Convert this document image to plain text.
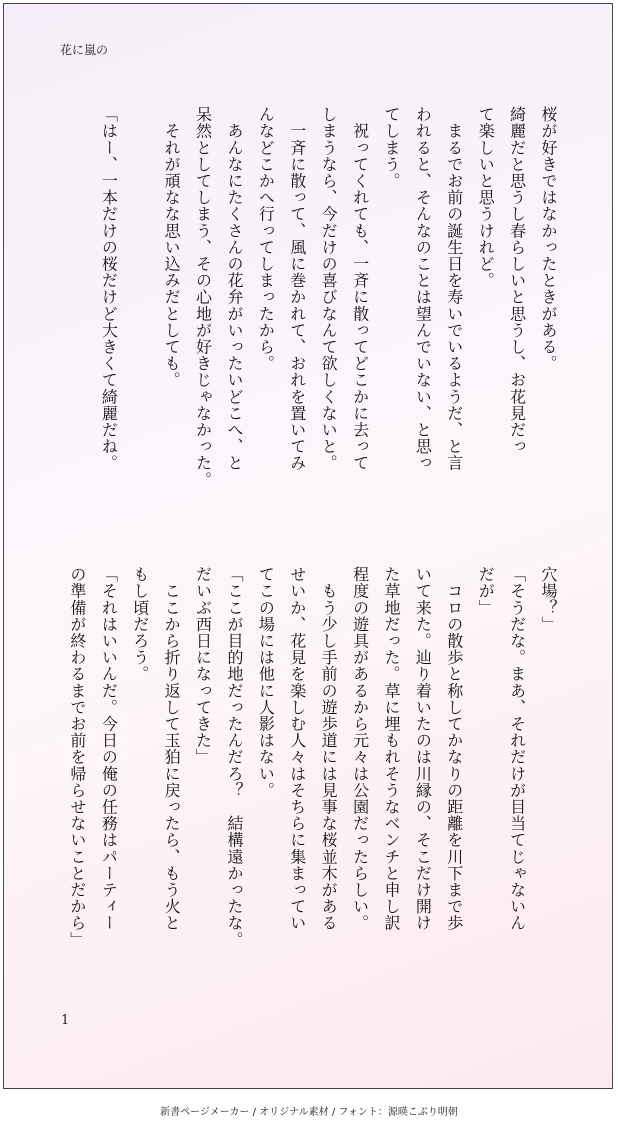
花に嵐の

桜が好きではなかったときがある。

綺麗だと思うし春らしいと思うし、お花見だっ

て楽しいと思うけれど。

　まるでお前の誕生日を寿いでいるようだ、と言

われると、そんなのことは望んでいない、と思っ

てしまう。

　祝ってくれても、一斉に散ってどこかに去って

しまうなら、今だけの喜びなんて欲しくないと。

　一斉に散って、風に巻かれて、おれを置いてみ

んなどこかへ行ってしまったから。

　あんなにたくさんの花弁がいったいどこへ、と

呆然としてしまう、その心地が好きじゃなかった。

　それが頑なな思い込みだとしても。

「はー、一本だけの桜だけど大きくて綺麗だね。

穴場？」

「そうだな。まあ、それだけが目当てじゃないん

だが」

　コロの散歩と称してかなりの距離を川下まで歩

いて来た。辿り着いたのは川縁の、そこだけ開け

た草地だった。草に埋もれそうなベンチと申し訳

程度の遊具があるから元々は公園だったらしい。

　もう少し手前の遊歩道には見事な桜並木がある

せいか、花見を楽しむ人々はそちらに集まってい

てこの場には他に人影はない。

「ここが目的地だったんだろ？　結構遠かったな。

だいぶ西日になってきた」

　ここから折り返して玉狛に戻ったら、もう火と

もし頃だろう。

「それはいいんだ。今日の俺の任務はパーティー

の準備が終わるまでお前を帰らせないことだから」

1
新書ページメーカー / オリジナル素材 / フォント：源暎こぶり明朝
